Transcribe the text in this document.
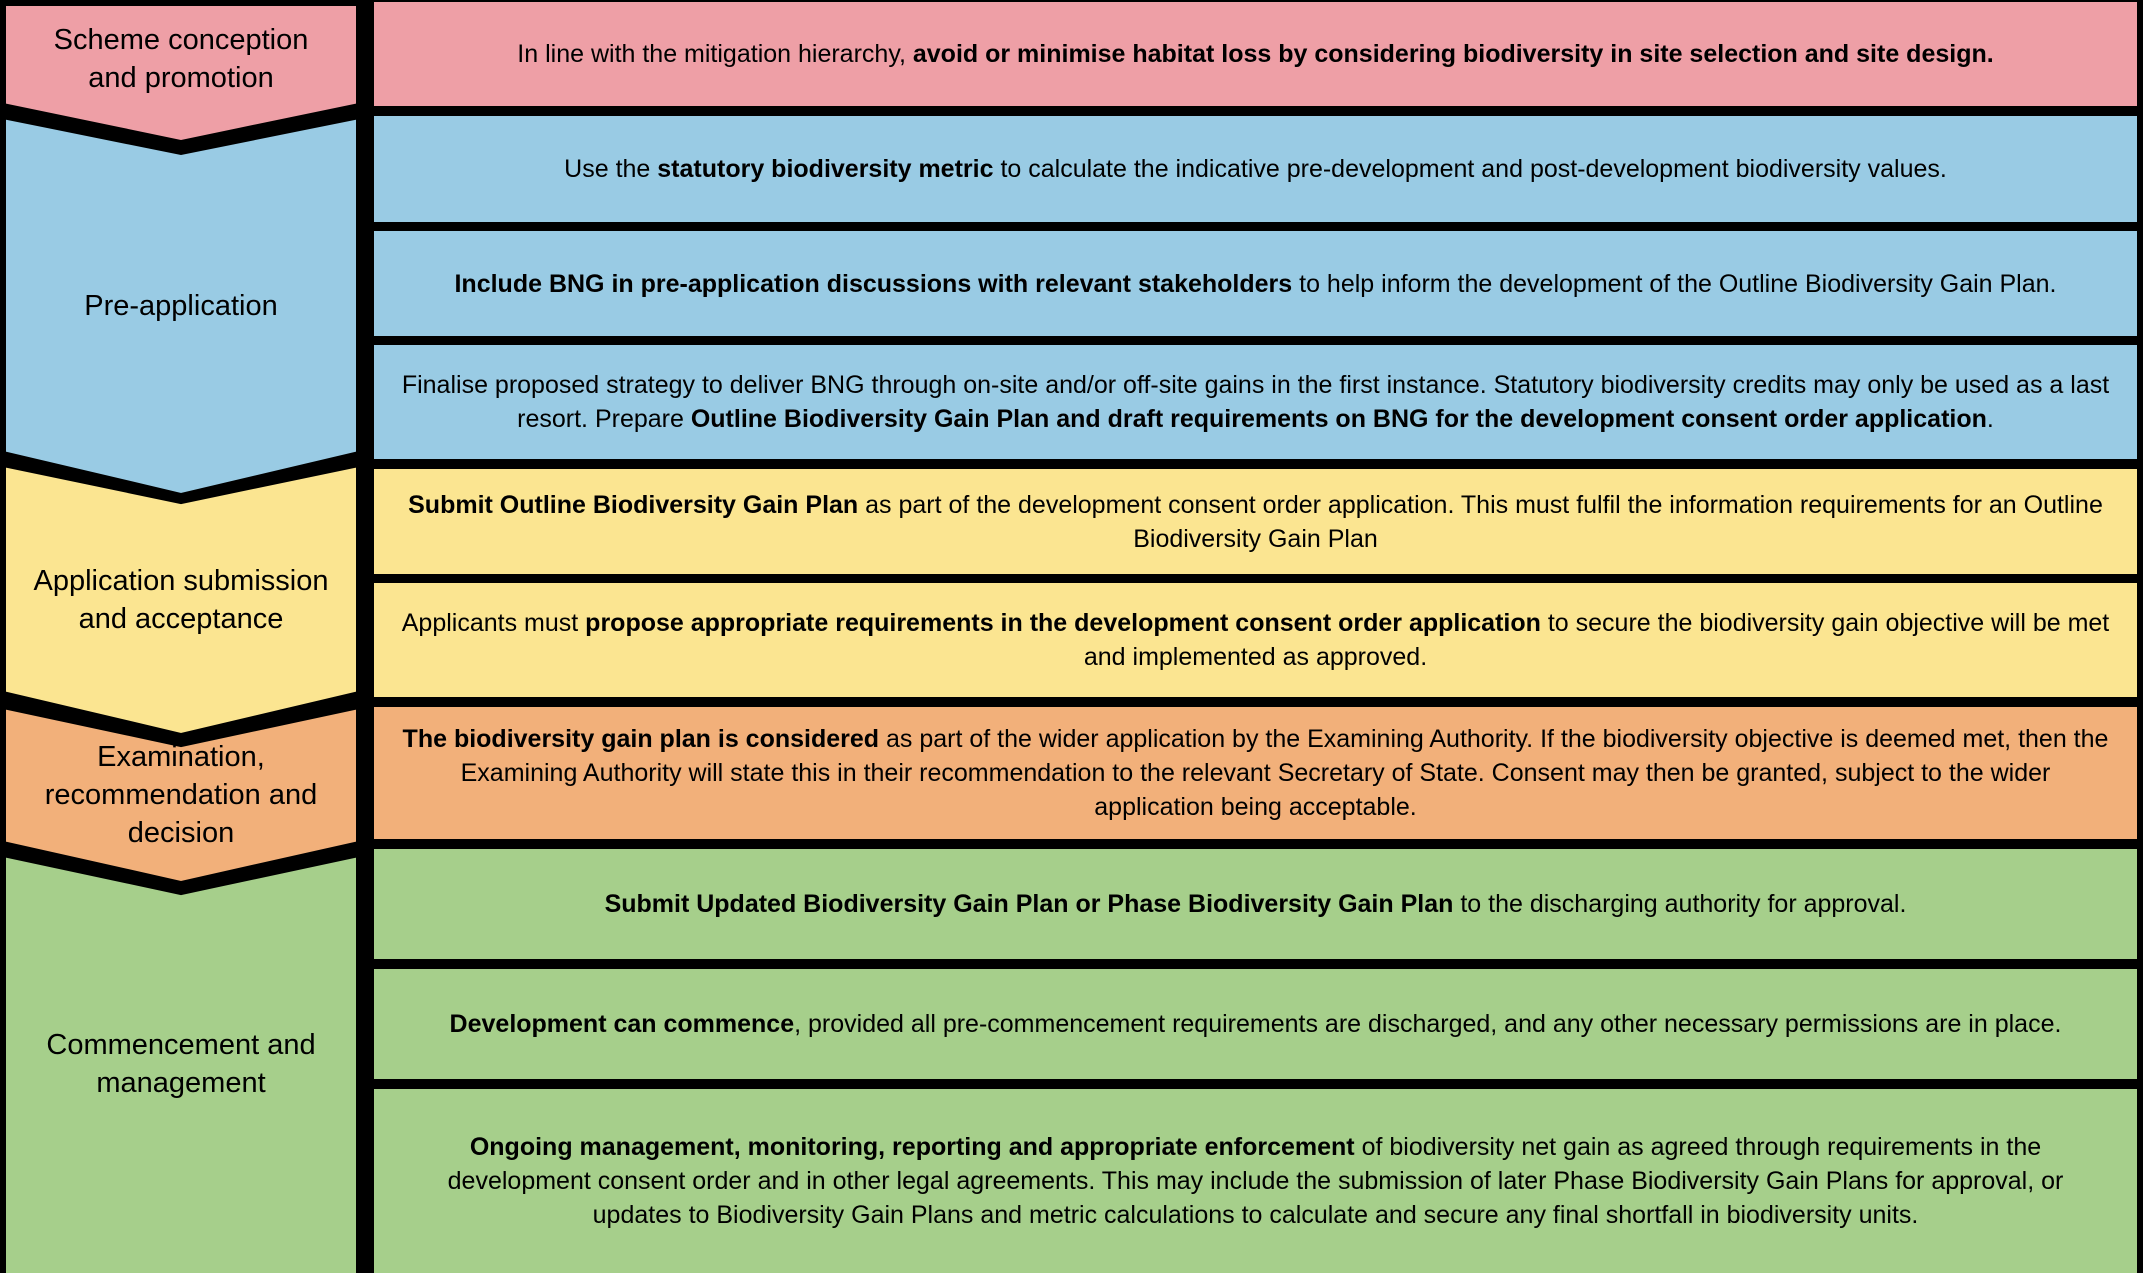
Scheme conception and promotion
Pre-application
Application submission and acceptance
Examination, recommendation and decision
Commencement and management
In line with the mitigation hierarchy, avoid or minimise habitat loss by considering biodiversity in site selection and site design.
Use the statutory biodiversity metric to calculate the indicative pre-development and post-development biodiversity values.
Include BNG in pre-application discussions with relevant stakeholders to help inform the development of the Outline Biodiversity Gain Plan.
Finalise proposed strategy to deliver BNG through on-site and/or off-site gains in the first instance. Statutory biodiversity credits may only be used as a last resort. Prepare Outline Biodiversity Gain Plan and draft requirements on BNG for the development consent order application.
Submit Outline Biodiversity Gain Plan as part of the development consent order application. This must fulfil the information requirements for an Outline Biodiversity Gain Plan
Applicants must propose appropriate requirements in the development consent order application to secure the biodiversity gain objective will be met and implemented as approved.
The biodiversity gain plan is considered as part of the wider application by the Examining Authority. If the biodiversity objective is deemed met, then the Examining Authority will state this in their recommendation to the relevant Secretary of State. Consent may then be granted, subject to the wider application being acceptable.
Submit Updated Biodiversity Gain Plan or Phase Biodiversity Gain Plan to the discharging authority for approval.
Development can commence, provided all pre-commencement requirements are discharged, and any other necessary permissions are in place.
Ongoing management, monitoring, reporting and appropriate enforcement of biodiversity net gain as agreed through requirements in the development consent order and in other legal agreements. This may include the submission of later Phase Biodiversity Gain Plans for approval, or updates to Biodiversity Gain Plans and metric calculations to calculate and secure any final shortfall in biodiversity units.
